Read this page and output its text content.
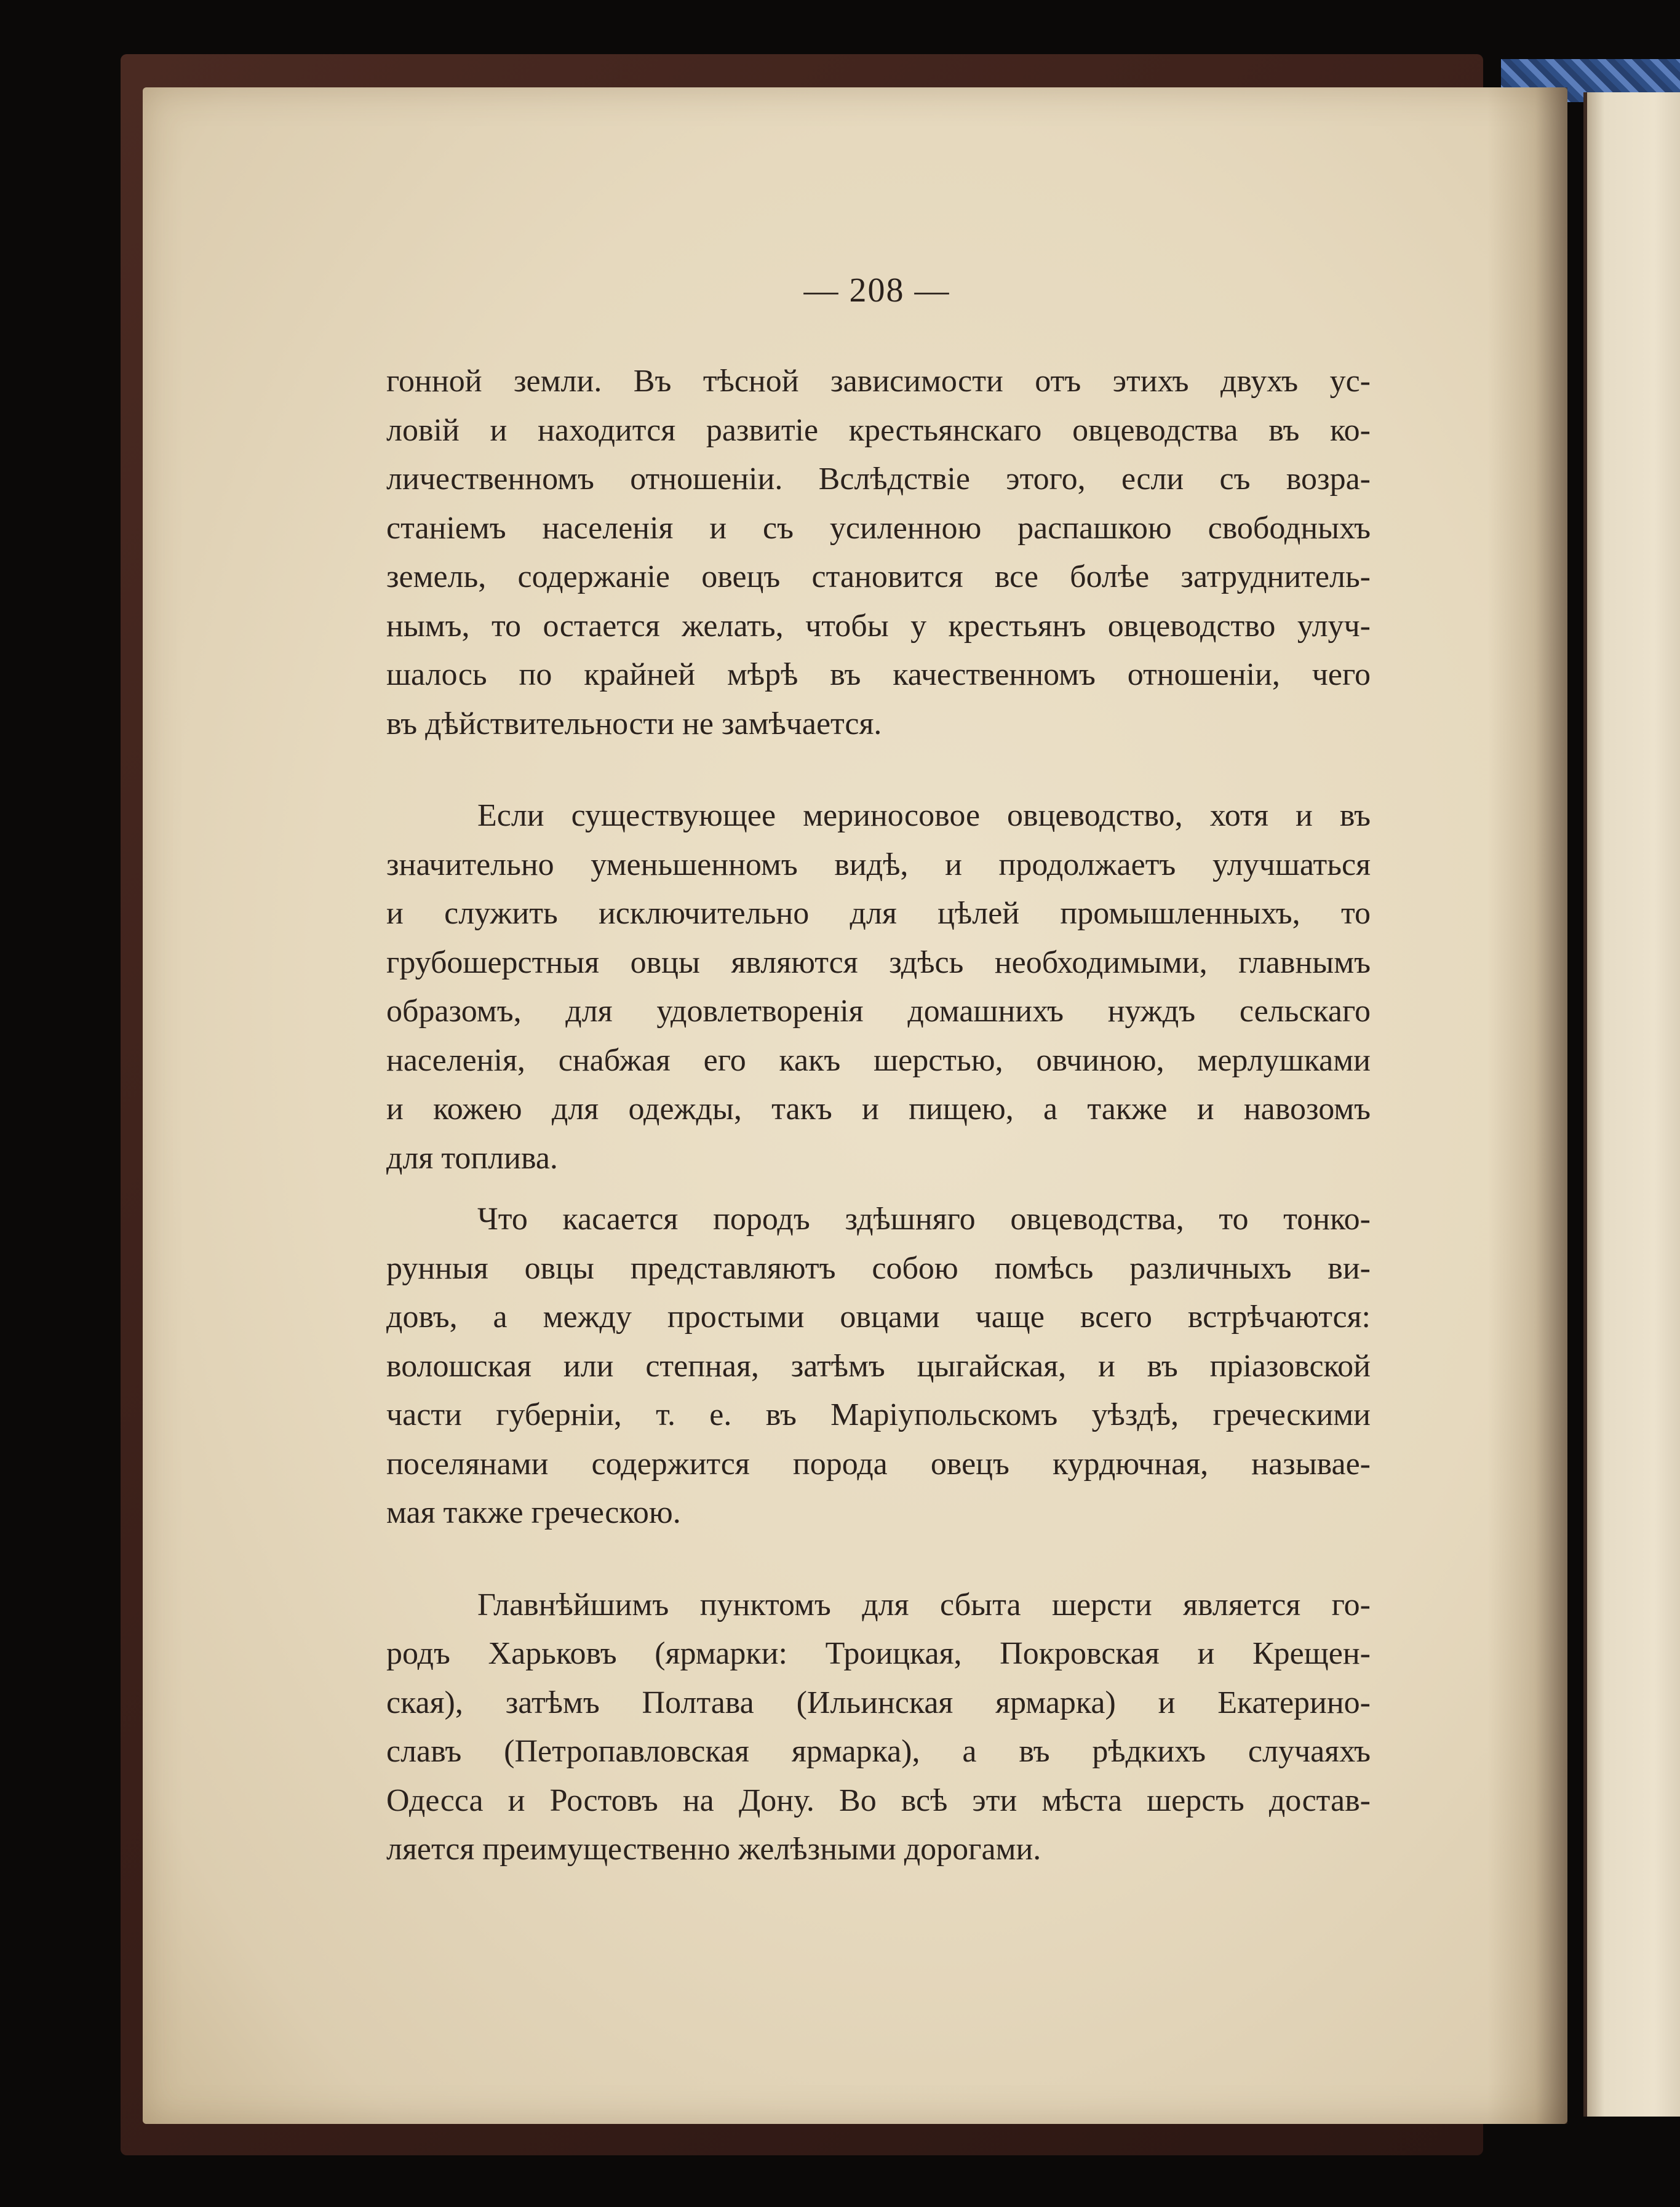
— 208 —
гонной земли. Въ тѣсной зависимости отъ этихъ двухъ ус-
ловій и находится развитіе крестьянскаго овцеводства въ ко-
личественномъ отношеніи. Вслѣдствіе этого, если съ возра-
станіемъ населенія и съ усиленною распашкою свободныхъ
земель, содержаніе овецъ становится все болѣе затруднитель-
нымъ, то остается желать, чтобы у крестьянъ овцеводство улуч-
шалось по крайней мѣрѣ въ качественномъ отношеніи, чего
въ дѣйствительности не замѣчается.
Если существующее мериносовое овцеводство, хотя и въ
значительно уменьшенномъ видѣ, и продолжаетъ улучшаться
и служить исключительно для цѣлей промышленныхъ, то
грубошерстныя овцы являются здѣсь необходимыми, главнымъ
образомъ, для удовлетворенія домашнихъ нуждъ сельскаго
населенія, снабжая его какъ шерстью, овчиною, мерлушками
и кожею для одежды, такъ и пищею, а также и навозомъ
для топлива.
Что касается породъ здѣшняго овцеводства, то тонко-
рунныя овцы представляютъ собою помѣсь различныхъ ви-
довъ, а между простыми овцами чаще всего встрѣчаются:
волошская или степная, затѣмъ цыгайская, и въ пріазовской
части губерніи, т. е. въ Маріупольскомъ уѣздѣ, греческими
поселянами содержится порода овецъ курдючная, называе-
мая также греческою.
Главнѣйшимъ пунктомъ для сбыта шерсти является го-
родъ Харьковъ (ярмарки: Троицкая, Покровская и Крещен-
ская), затѣмъ Полтава (Ильинская ярмарка) и Екатерино-
славъ (Петропавловская ярмарка), а въ рѣдкихъ случаяхъ
Одесса и Ростовъ на Дону. Во всѣ эти мѣста шерсть достав-
ляется преимущественно желѣзными дорогами.
